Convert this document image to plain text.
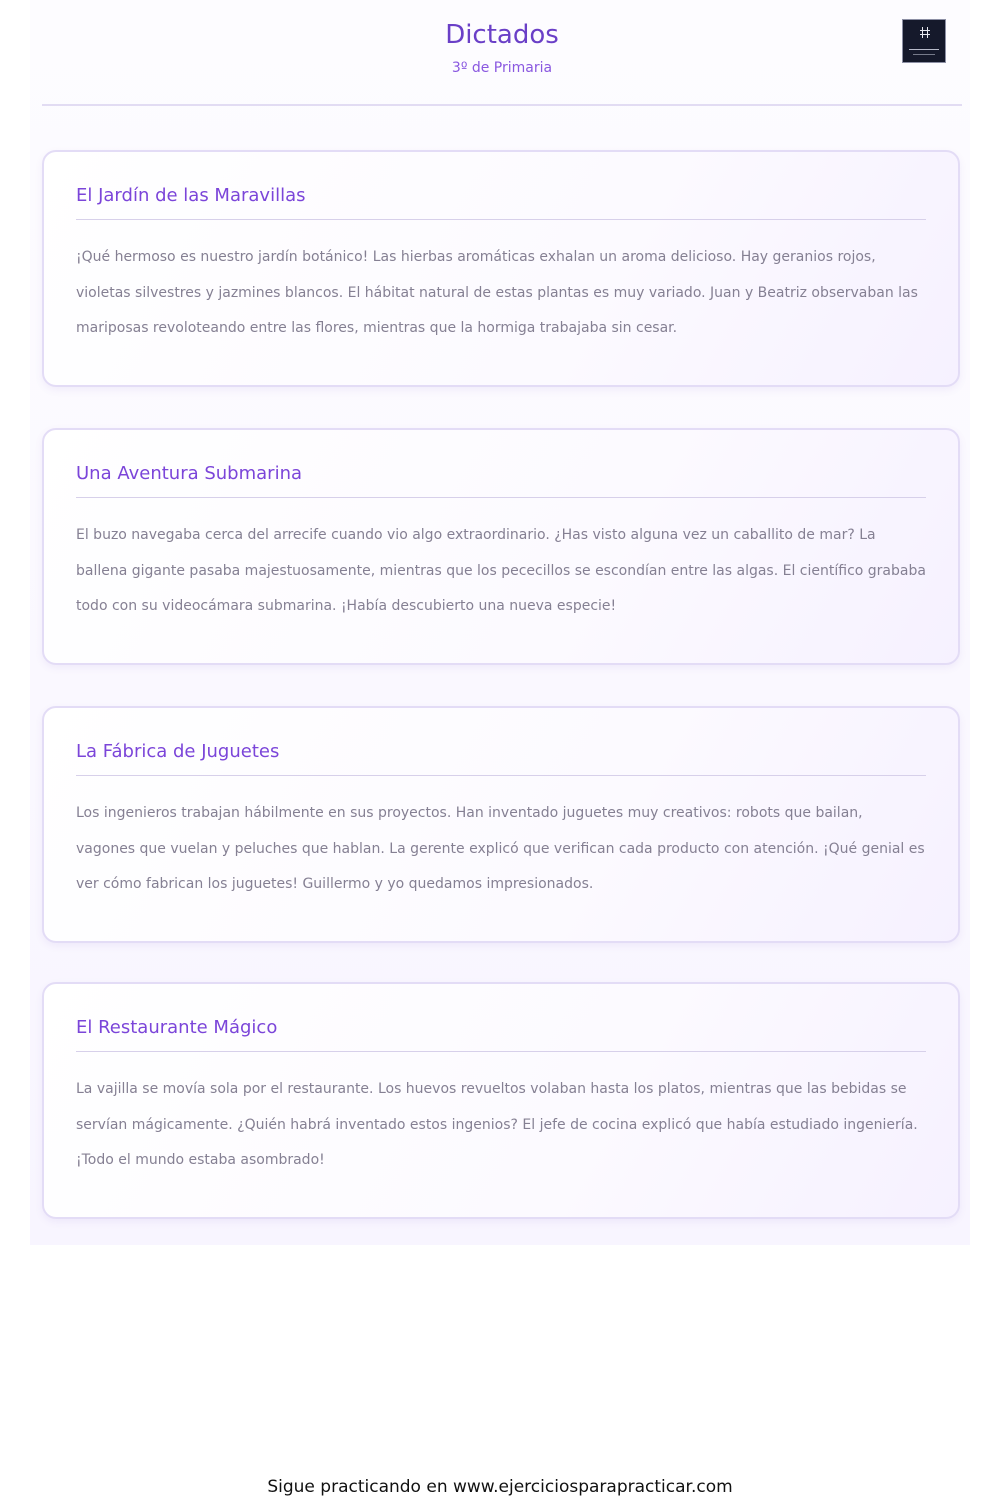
Dictados
3º de Primaria
El Jardín de las Maravillas

¡Qué hermoso es nuestro jardín botánico! Las hierbas aromáticas exhalan un aroma delicioso. Hay geranios rojos, violetas silvestres y jazmines blancos. El hábitat natural de estas plantas es muy variado. Juan y Beatriz observaban las mariposas revoloteando entre las flores, mientras que la hormiga trabajaba sin cesar.

Una Aventura Submarina

El buzo navegaba cerca del arrecife cuando vio algo extraordinario. ¿Has visto alguna vez un caballito de mar? La ballena gigante pasaba majestuosamente, mientras que los pececillos se escondían entre las algas. El científico grababa todo con su videocámara submarina. ¡Había descubierto una nueva especie!

La Fábrica de Juguetes

Los ingenieros trabajan hábilmente en sus proyectos. Han inventado juguetes muy creativos: robots que bailan, vagones que vuelan y peluches que hablan. La gerente explicó que verifican cada producto con atención. ¡Qué genial es ver cómo fabrican los juguetes! Guillermo y yo quedamos impresionados.

El Restaurante Mágico

La vajilla se movía sola por el restaurante. Los huevos revueltos volaban hasta los platos, mientras que las bebidas se servían mágicamente. ¿Quién habrá inventado estos ingenios? El jefe de cocina explicó que había estudiado ingeniería. ¡Todo el mundo estaba asombrado!

Sigue practicando en www.ejerciciosparapracticar.com
